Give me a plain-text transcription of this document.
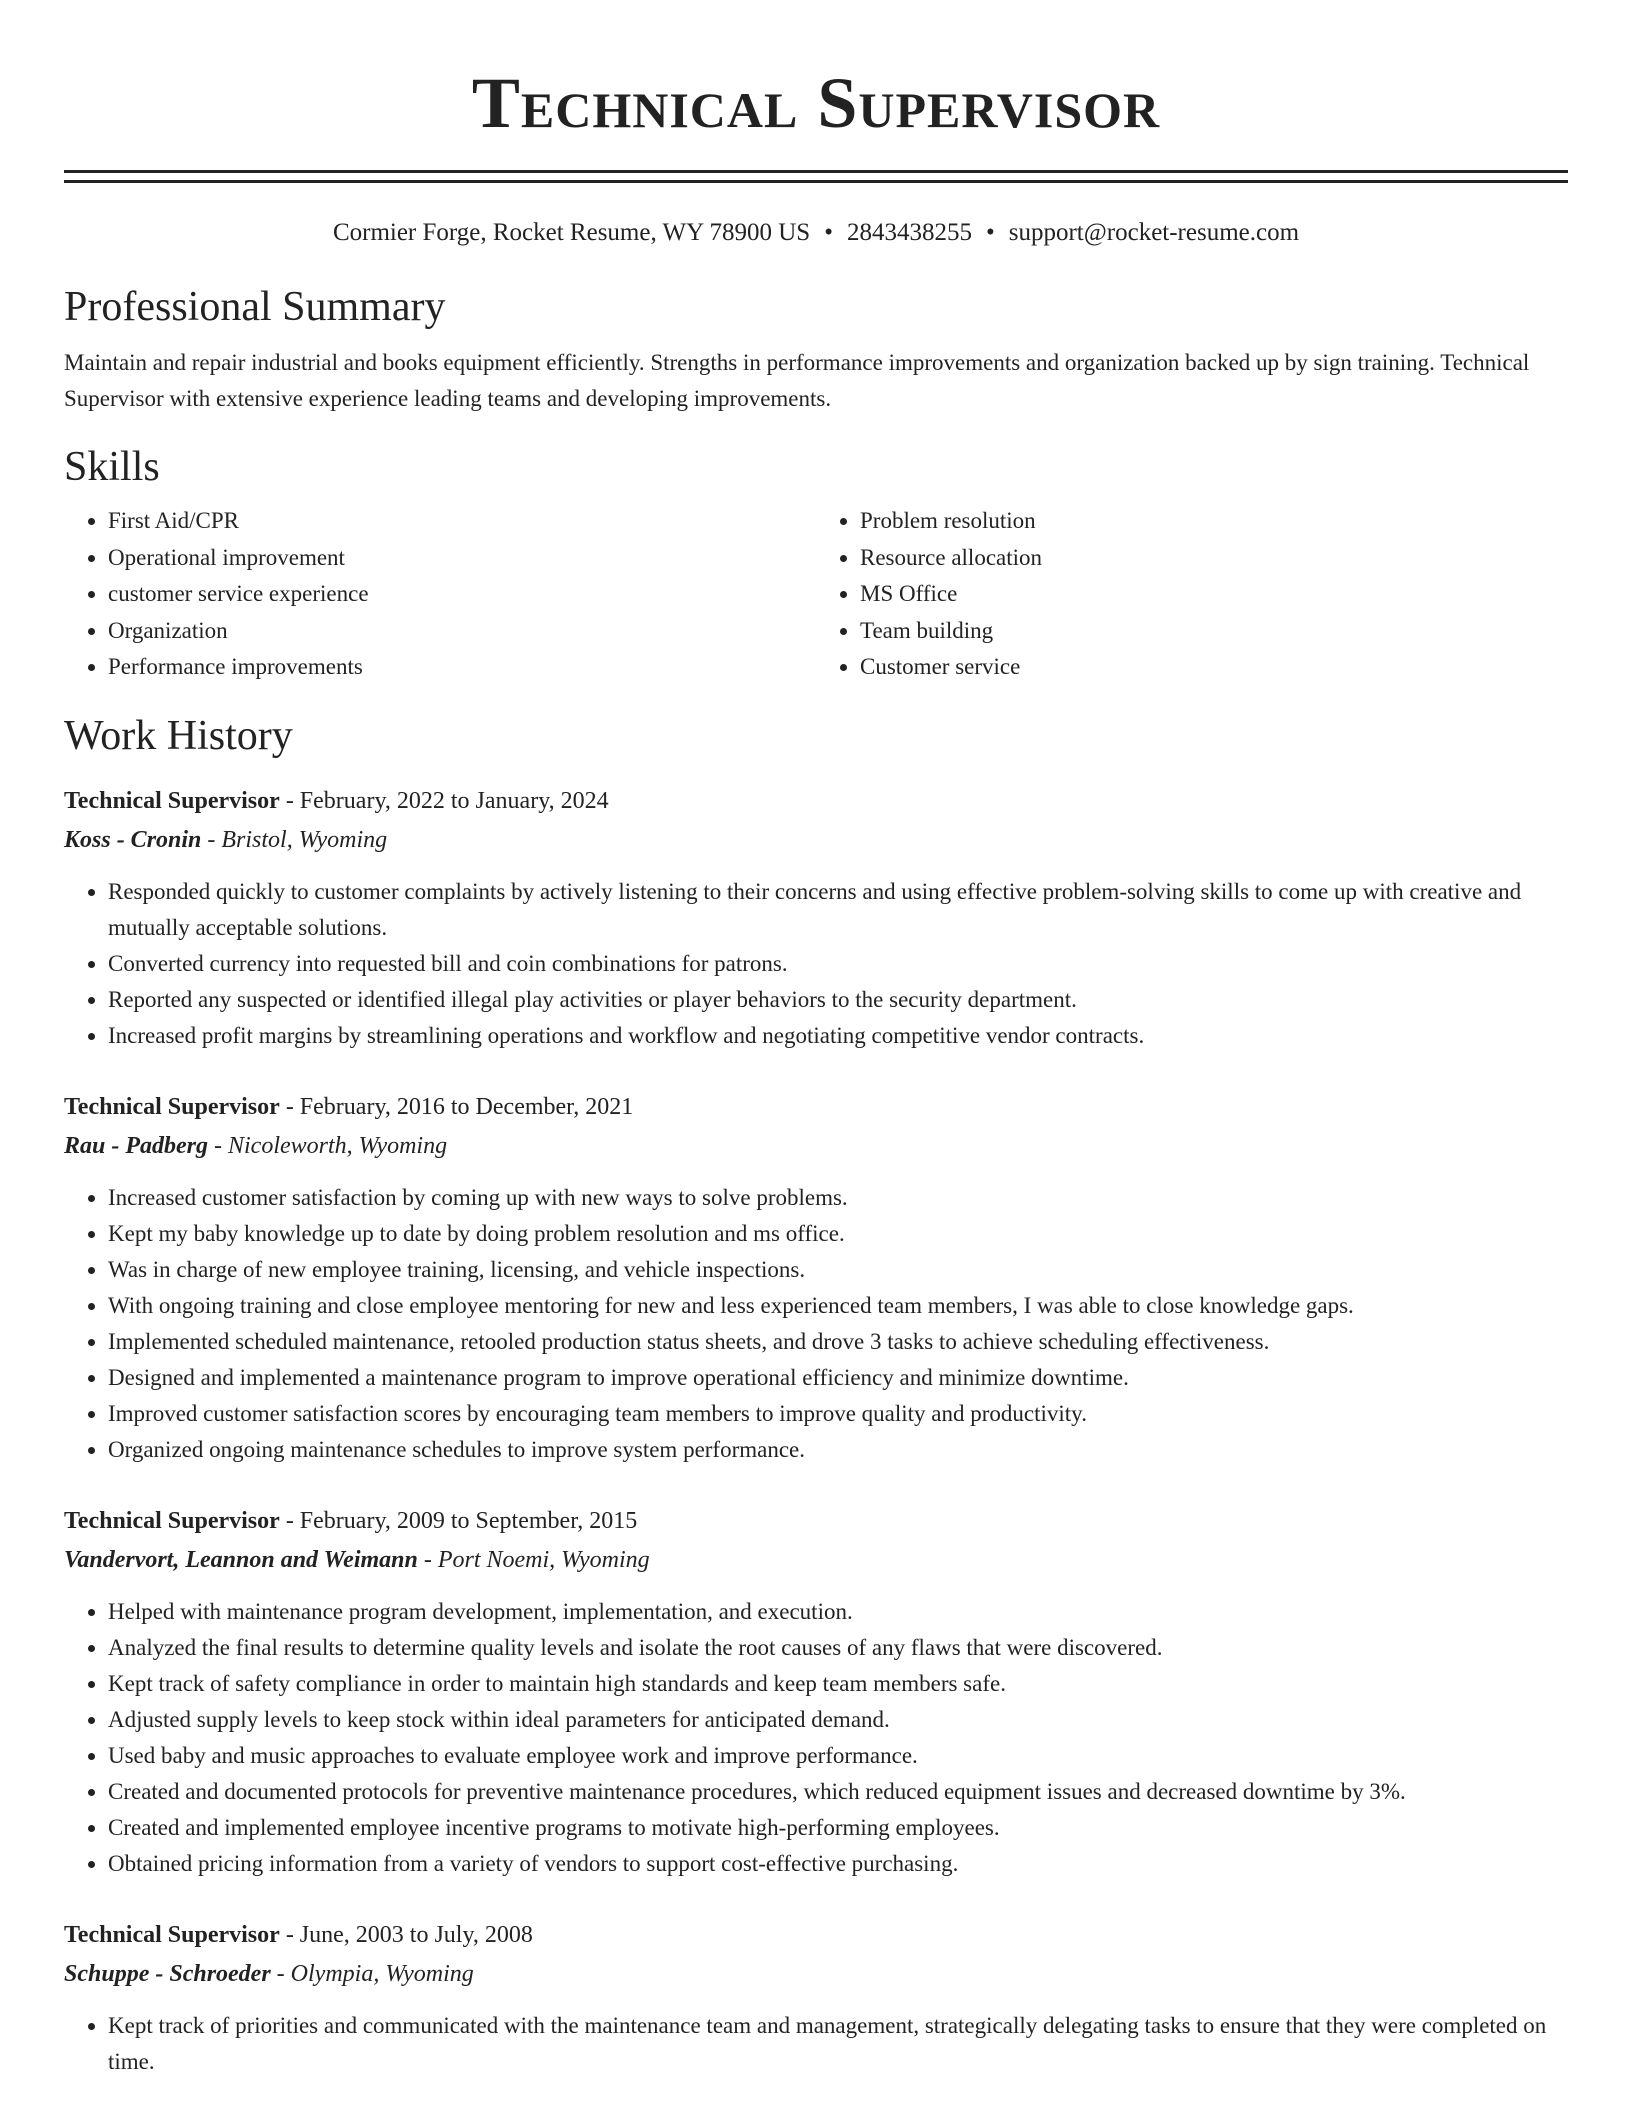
Technical Supervisor
Cormier Forge, Rocket Resume, WY 78900 US • 2843438255 • support@rocket-resume.com
Professional Summary

Maintain and repair industrial and books equipment efficiently. Strengths in performance improvements and organization backed up by sign training. Technical Supervisor with extensive experience leading teams and developing improvements.

Skills
• First Aid/CPR
• Operational improvement
• customer service experience
• Organization
• Performance improvements
• Problem resolution
• Resource allocation
• MS Office
• Team building
• Customer service
Work History
Technical Supervisor - February, 2022 to January, 2024
Koss - Cronin - Bristol, Wyoming
• Responded quickly to customer complaints by actively listening to their concerns and using effective problem-solving skills to come up with creative and mutually acceptable solutions.
• Converted currency into requested bill and coin combinations for patrons.
• Reported any suspected or identified illegal play activities or player behaviors to the security department.
• Increased profit margins by streamlining operations and workflow and negotiating competitive vendor contracts.
Technical Supervisor - February, 2016 to December, 2021
Rau - Padberg - Nicoleworth, Wyoming
• Increased customer satisfaction by coming up with new ways to solve problems.
• Kept my baby knowledge up to date by doing problem resolution and ms office.
• Was in charge of new employee training, licensing, and vehicle inspections.
• With ongoing training and close employee mentoring for new and less experienced team members, I was able to close knowledge gaps.
• Implemented scheduled maintenance, retooled production status sheets, and drove 3 tasks to achieve scheduling effectiveness.
• Designed and implemented a maintenance program to improve operational efficiency and minimize downtime.
• Improved customer satisfaction scores by encouraging team members to improve quality and productivity.
• Organized ongoing maintenance schedules to improve system performance.
Technical Supervisor - February, 2009 to September, 2015
Vandervort, Leannon and Weimann - Port Noemi, Wyoming
• Helped with maintenance program development, implementation, and execution.
• Analyzed the final results to determine quality levels and isolate the root causes of any flaws that were discovered.
• Kept track of safety compliance in order to maintain high standards and keep team members safe.
• Adjusted supply levels to keep stock within ideal parameters for anticipated demand.
• Used baby and music approaches to evaluate employee work and improve performance.
• Created and documented protocols for preventive maintenance procedures, which reduced equipment issues and decreased downtime by 3%.
• Created and implemented employee incentive programs to motivate high-performing employees.
• Obtained pricing information from a variety of vendors to support cost-effective purchasing.
Technical Supervisor - June, 2003 to July, 2008
Schuppe - Schroeder - Olympia, Wyoming
• Kept track of priorities and communicated with the maintenance team and management, strategically delegating tasks to ensure that they were completed on time.
